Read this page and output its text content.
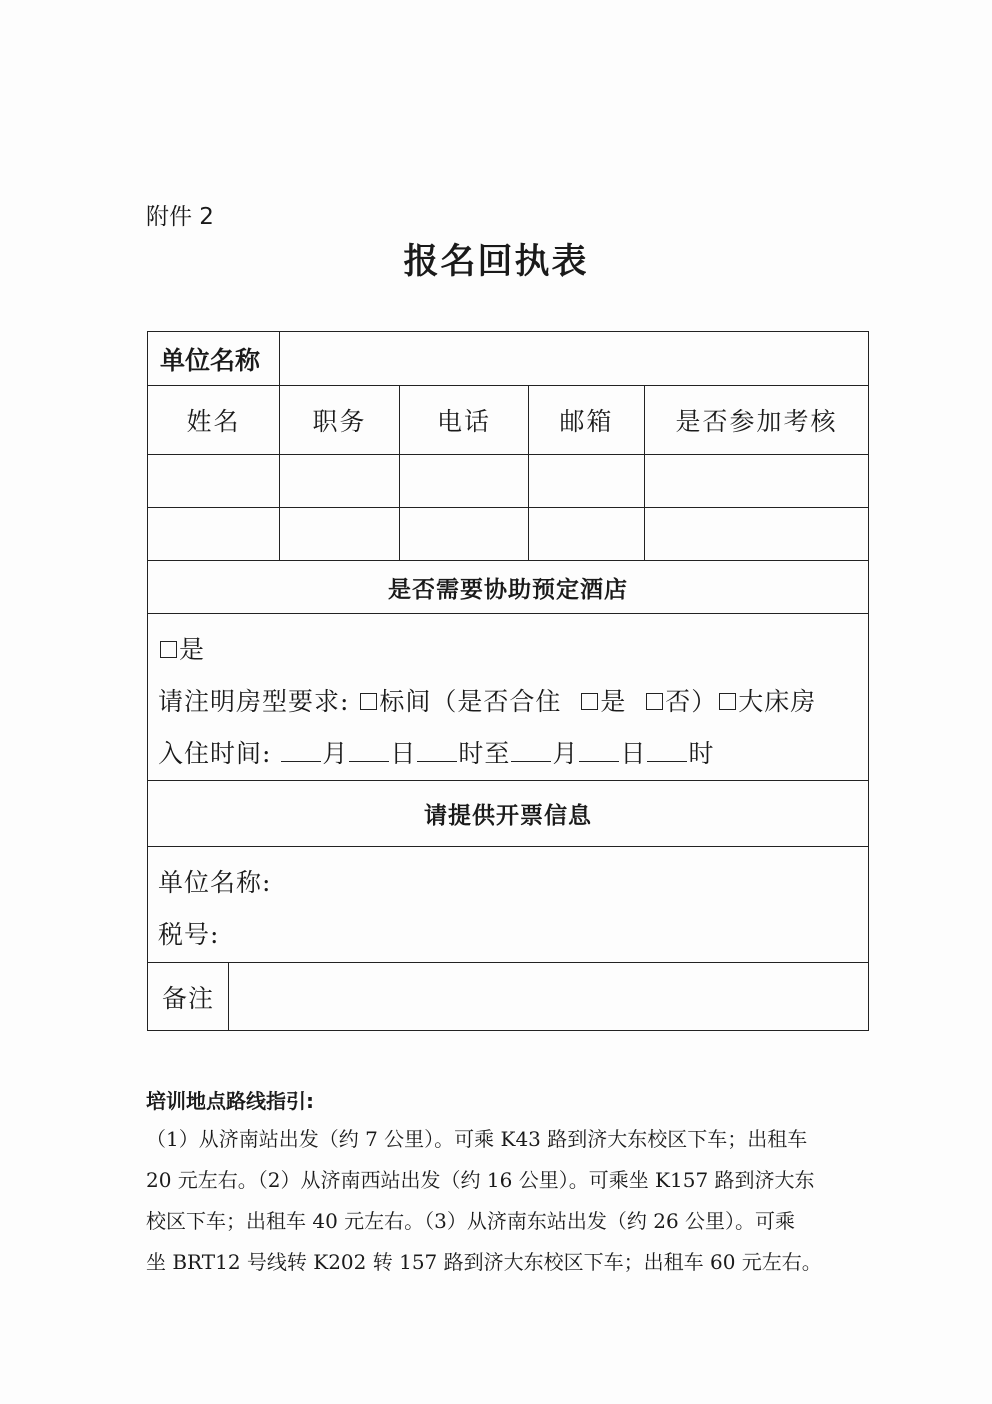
附件 2
报名回执表
单位名称					
姓名		职务	电话	邮箱	是否参加考核

是否需要协助预定酒店					

是
请注明房型要求: 标间（是否合住 是 否） 大床房
入住时间: 月 日 时至 月 日 时					

请提供开票信息					

单位名称:
税号:					

备注					
培训地点路线指引:

（1）从济南站出发（约 7 公里）。可乘 K43 路到济大东校区下车；出租车

20 元左右。（2）从济南西站出发（约 16 公里）。可乘坐 K157 路到济大东

校区下车；出租车 40 元左右。（3）从济南东站出发（约 26 公里）。可乘

坐 BRT12 号线转 K202 转 157 路到济大东校区下车；出租车 60 元左右。
